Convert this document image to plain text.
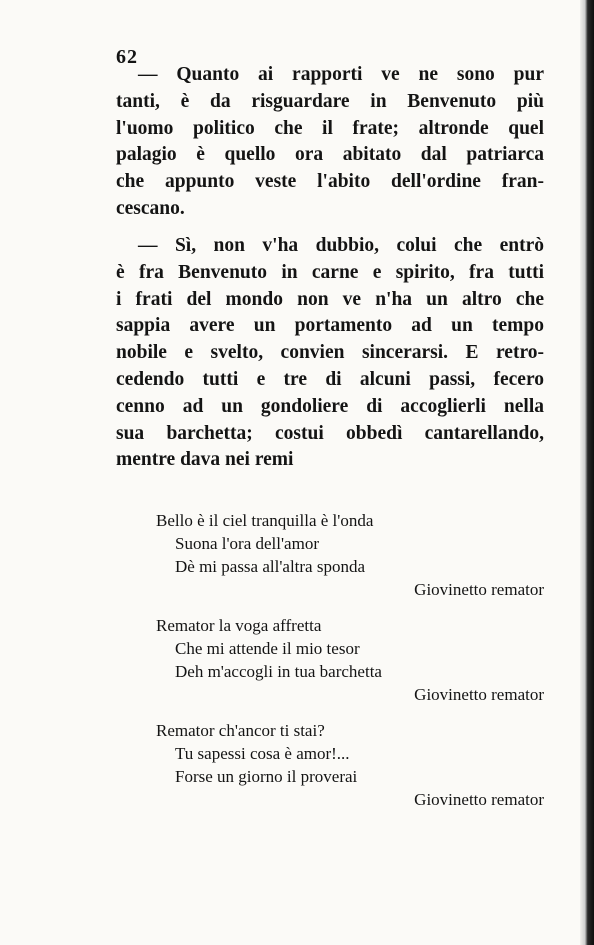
62
— Quanto ai rapporti ve ne sono pur
tanti, è da risguardare in Benvenuto più
l'uomo politico che il frate; altronde quel
palagio è quello ora abitato dal patriarca
che appunto veste l'abito dell'ordine fran-
cescano.
— Sì, non v'ha dubbio, colui che entrò
è fra Benvenuto in carne e spirito, fra tutti
i frati del mondo non ve n'ha un altro che
sappia avere un portamento ad un tempo
nobile e svelto, convien sincerarsi. E retro-
cedendo tutti e tre di alcuni passi, fecero
cenno ad un gondoliere di accoglierli nella
sua barchetta; costui obbedì cantarellando,
mentre dava nei remi
Bello è il ciel tranquilla è l'onda
Suona l'ora dell'amor
Dè mi passa all'altra sponda
Giovinetto remator
Remator la voga affretta
Che mi attende il mio tesor
Deh m'accogli in tua barchetta
Giovinetto remator
Remator ch'ancor ti stai?
Tu sapessi cosa è amor!...
Forse un giorno il proverai
Giovinetto remator
